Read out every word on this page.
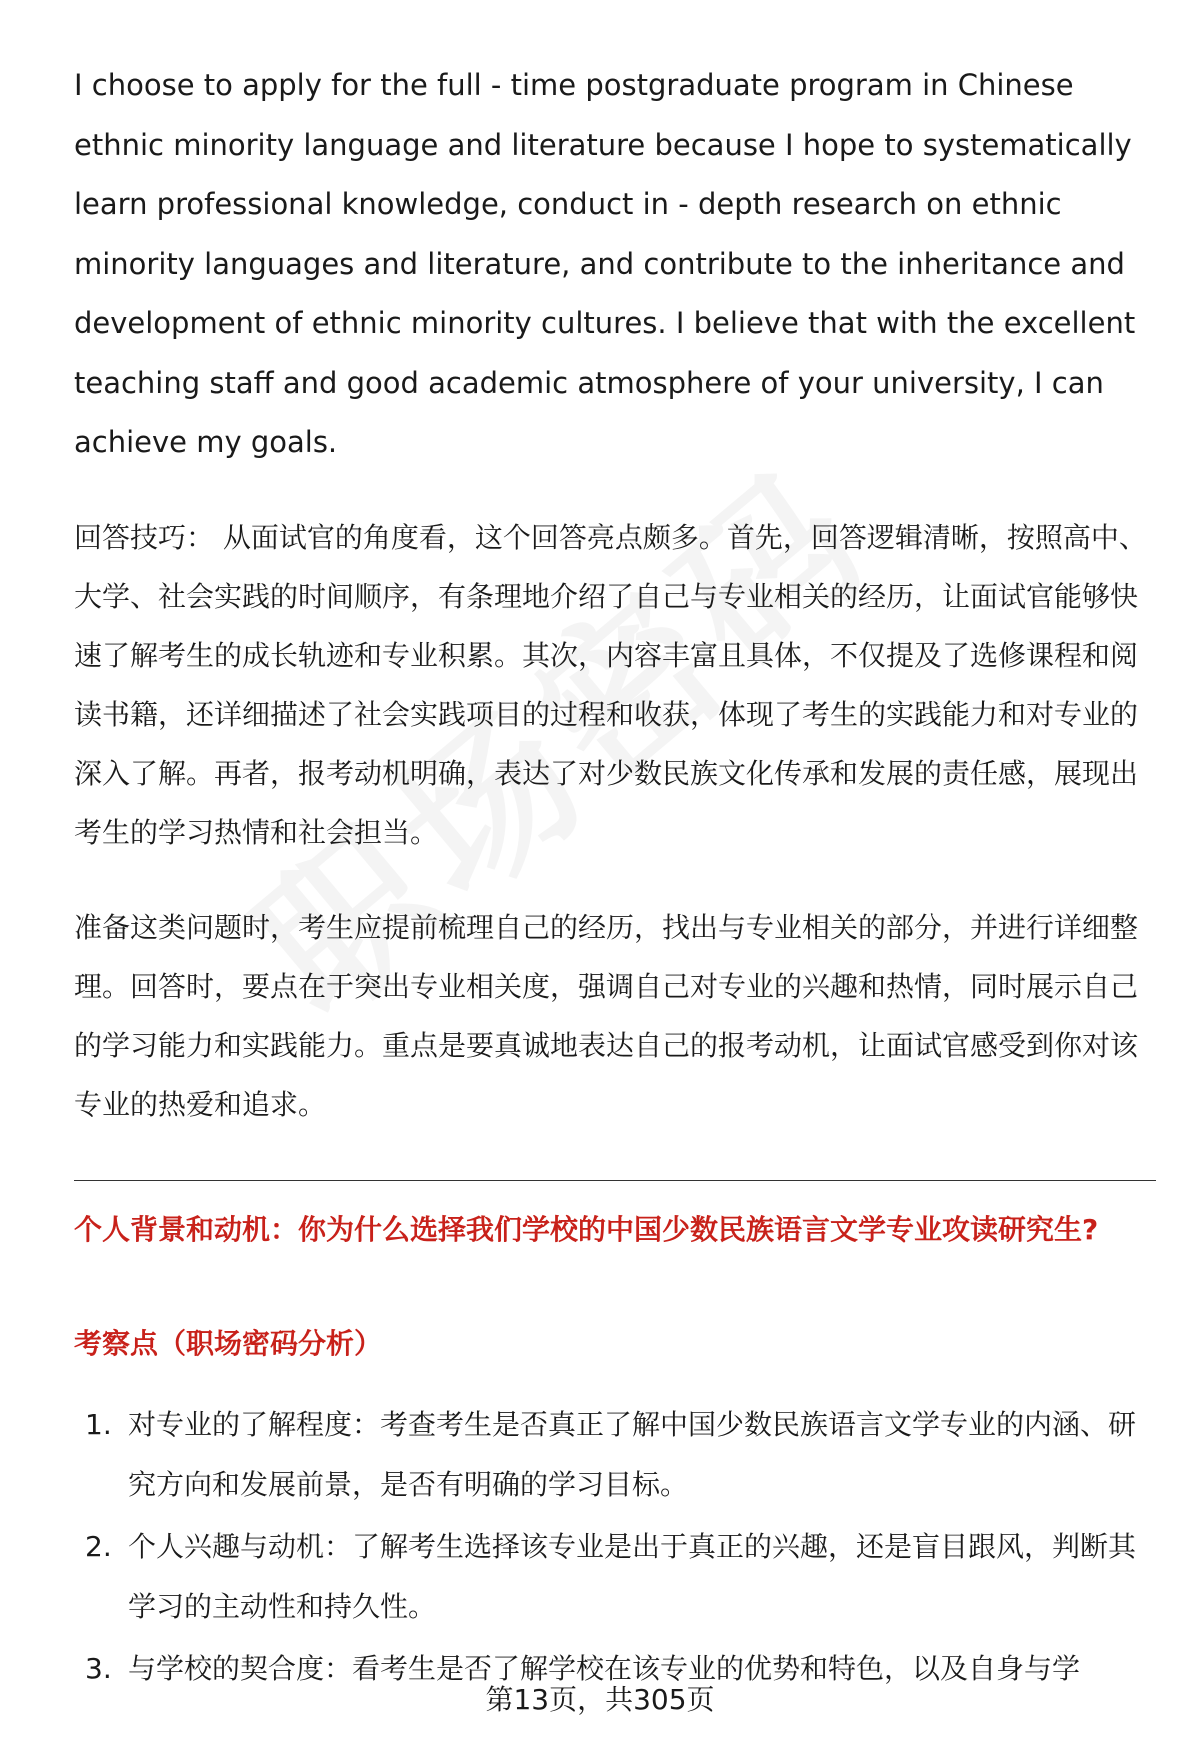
I choose to apply for the full - time postgraduate program in Chinese ethnic minority language and literature because I hope to systematically learn professional knowledge, conduct in - depth research on ethnic minority languages and literature, and contribute to the inheritance and development of ethnic minority cultures. I believe that with the excellent teaching staff and good academic atmosphere of your university, I can achieve my goals.

回答技巧： 从面试官的角度看，这个回答亮点颇多。首先，回答逻辑清晰，按照高中、大学、社会实践的时间顺序，有条理地介绍了自己与专业相关的经历，让面试官能够快速了解考生的成长轨迹和专业积累。其次，内容丰富且具体，不仅提及了选修课程和阅读书籍，还详细描述了社会实践项目的过程和收获，体现了考生的实践能力和对专业的深入了解。再者，报考动机明确，表达了对少数民族文化传承和发展的责任感，展现出考生的学习热情和社会担当。

准备这类问题时，考生应提前梳理自己的经历，找出与专业相关的部分，并进行详细整理。回答时，要点在于突出专业相关度，强调自己对专业的兴趣和热情，同时展示自己的学习能力和实践能力。重点是要真诚地表达自己的报考动机，让面试官感受到你对该专业的热爱和追求。

个人背景和动机：你为什么选择我们学校的中国少数民族语言文学专业攻读研究生?

考察点（职场密码分析）

1. 对专业的了解程度：考查考生是否真正了解中国少数民族语言文学专业的内涵、研究方向和发展前景，是否有明确的学习目标。
2. 个人兴趣与动机：了解考生选择该专业是出于真正的兴趣，还是盲目跟风，判断其学习的主动性和持久性。
3. 与学校的契合度：看考生是否了解学校在该专业的优势和特色，以及自身与学
第13页，共305页
